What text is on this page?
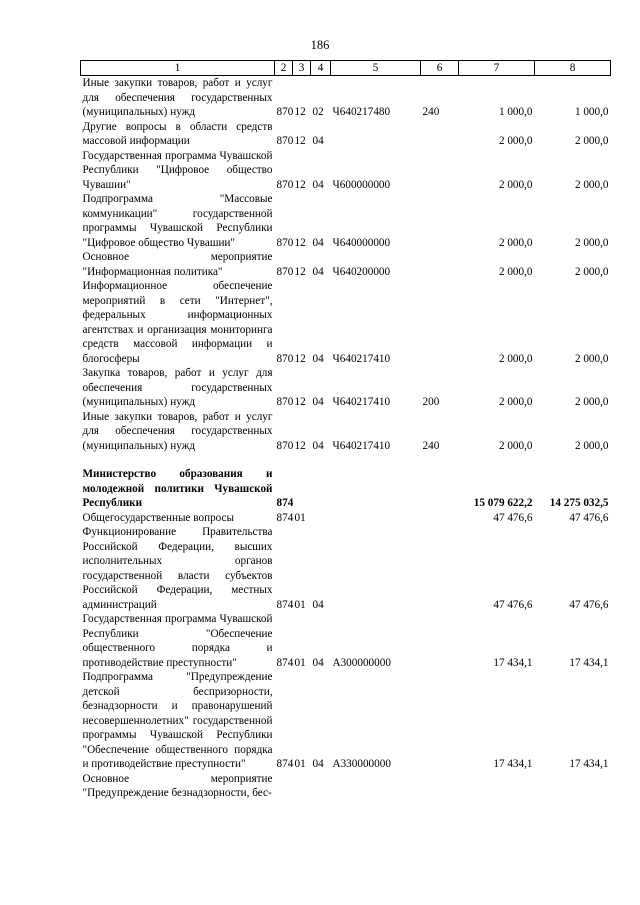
186
1	2	3	4	5	6	7	8
Иные закупки товаров, работ и услуг для обеспечения государственных (муниципальных) нужд	870	12	02	Ч640217480	240	1 000,0	1 000,0
Другие вопросы в области средств массовой информации	870	12	04			2 000,0	2 000,0
Государственная программа Чувашской Республики "Цифровое общество Чувашии"	870	12	04	Ч600000000		2 000,0	2 000,0
Подпрограмма "Массовые коммуникации" государственной программы Чувашской Республики "Цифровое общество Чувашии"	870	12	04	Ч640000000		2 000,0	2 000,0
Основное мероприятие "Информационная политика"	870	12	04	Ч640200000		2 000,0	2 000,0
Информационное обеспечение мероприятий в сети "Интернет", федеральных информационных агентствах и организация мониторинга средств массовой информации и блогосферы	870	12	04	Ч640217410		2 000,0	2 000,0
Закупка товаров, работ и услуг для обеспечения государственных (муниципальных) нужд	870	12	04	Ч640217410	200	2 000,0	2 000,0
Иные закупки товаров, работ и услуг для обеспечения государственных (муниципальных) нужд	870	12	04	Ч640217410	240	2 000,0	2 000,0

Министерство образования и молодежной политики Чувашской Республики	874					15 079 622,2	14 275 032,5
Общегосударственные вопросы	874	01				47 476,6	47 476,6
Функционирование Правительства Российской Федерации, высших исполнительных органов государственной власти субъектов Российской Федерации, местных администраций	874	01	04			47 476,6	47 476,6
Государственная программа Чувашской Республики "Обеспечение общественного порядка и противодействие преступности"	874	01	04	А300000000		17 434,1	17 434,1
Подпрограмма "Предупреждение детской беспризорности, безнадзорности и правонарушений несовершеннолетних" государственной программы Чувашской Республики "Обеспечение общественного порядка и противодействие преступности"	874	01	04	А330000000		17 434,1	17 434,1
Основное мероприятие "Предупреждение безнадзорности, бес-							
